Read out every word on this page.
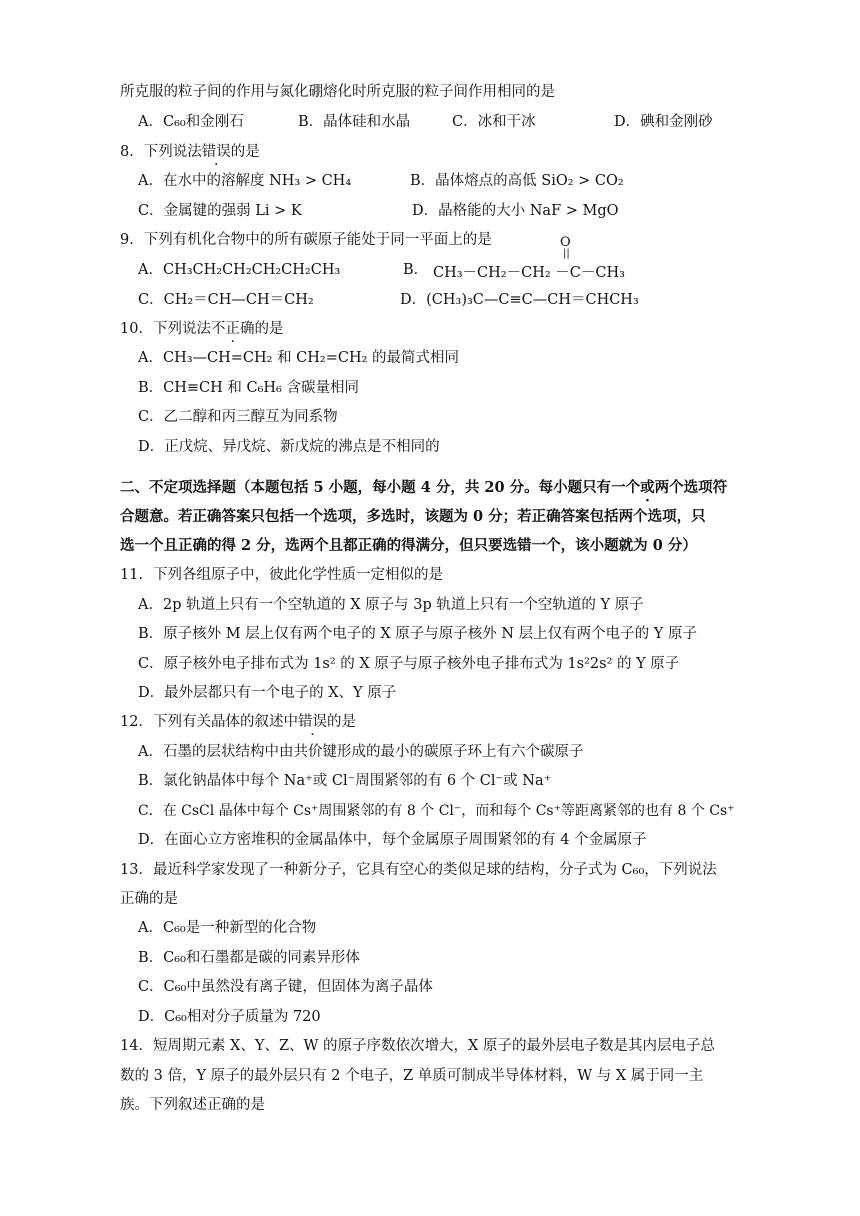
所克服的粒子间的作用与氮化硼熔化时所克服的粒子间作用相同的是
A．C₆₀和金刚石	B．晶体硅和水晶	C．冰和干冰	D．碘和金刚砂
8．下列说法错误的是
A．在水中的溶解度 NH₃ > CH₄	B．晶体熔点的高低 SiO₂ > CO₂
C．金属键的强弱 Li > K	D．晶格能的大小 NaF > MgO
9．下列有机化合物中的所有碳原子能处于同一平面上的是
A．CH₃CH₂CH₂CH₂CH₂CH₃	B．
O
||
CH₃－CH₂－CH₂ －C－CH₃
C．CH₂＝CH—CH＝CH₂	D．(CH₃)₃C—C≡C—CH＝CHCH₃
10．下列说法不正确的是
A．CH₃—CH=CH₂ 和 CH₂=CH₂ 的最简式相同
B．CH≡CH 和 C₆H₆ 含碳量相同
C．乙二醇和丙三醇互为同系物
D．正戊烷、异戊烷、新戊烷的沸点是不相同的
二、不定项选择题（本题包括 5 小题，每小题 4 分，共 20 分。每小题只有一个或两个 ·选项符
合题意。若正确答案只包括一个选项，多选时，该题为 0 分；若正确答案包括两个选项，只
选一个且正确的得 2 分，选两个且都正确的得满分，但只要选错一个，该小题就为 0 分）
11．下列各组原子中，彼此化学性质一定相似的是
A．2p 轨道上只有一个空轨道的 X 原子与 3p 轨道上只有一个空轨道的 Y 原子
B．原子核外 M 层上仅有两个电子的 X 原子与原子核外 N 层上仅有两个电子的 Y 原子
C．原子核外电子排布式为 1s² 的 X 原子与原子核外电子排布式为 1s²2s² 的 Y 原子
D．最外层都只有一个电子的 X、Y 原子
12．下列有关晶体的叙述中错误的是
A．石墨的层状结构中由共价键形成的最小的碳原子环上有六个碳原子
B．氯化钠晶体中每个 Na⁺或 Cl⁻周围紧邻的有 6 个 Cl⁻或 Na⁺
C．在 CsCl 晶体中每个 Cs⁺周围紧邻的有 8 个 Cl⁻，而和每个 Cs⁺等距离紧邻的也有 8 个 Cs⁺
D．在面心立方密堆积的金属晶体中，每个金属原子周围紧邻的有 4 个金属原子
13．最近科学家发现了一种新分子，它具有空心的类似足球的结构，分子式为 C₆₀，下列说法
正确的是
A．C₆₀是一种新型的化合物
B．C₆₀和石墨都是碳的同素异形体
C．C₆₀中虽然没有离子键，但固体为离子晶体
D．C₆₀相对分子质量为 720
14．短周期元素 X、Y、Z、W 的原子序数依次增大，X 原子的最外层电子数是其内层电子总
数的 3 倍，Y 原子的最外层只有 2 个电子，Z 单质可制成半导体材料，W 与 X 属于同一主
族。下列叙述正确的是
